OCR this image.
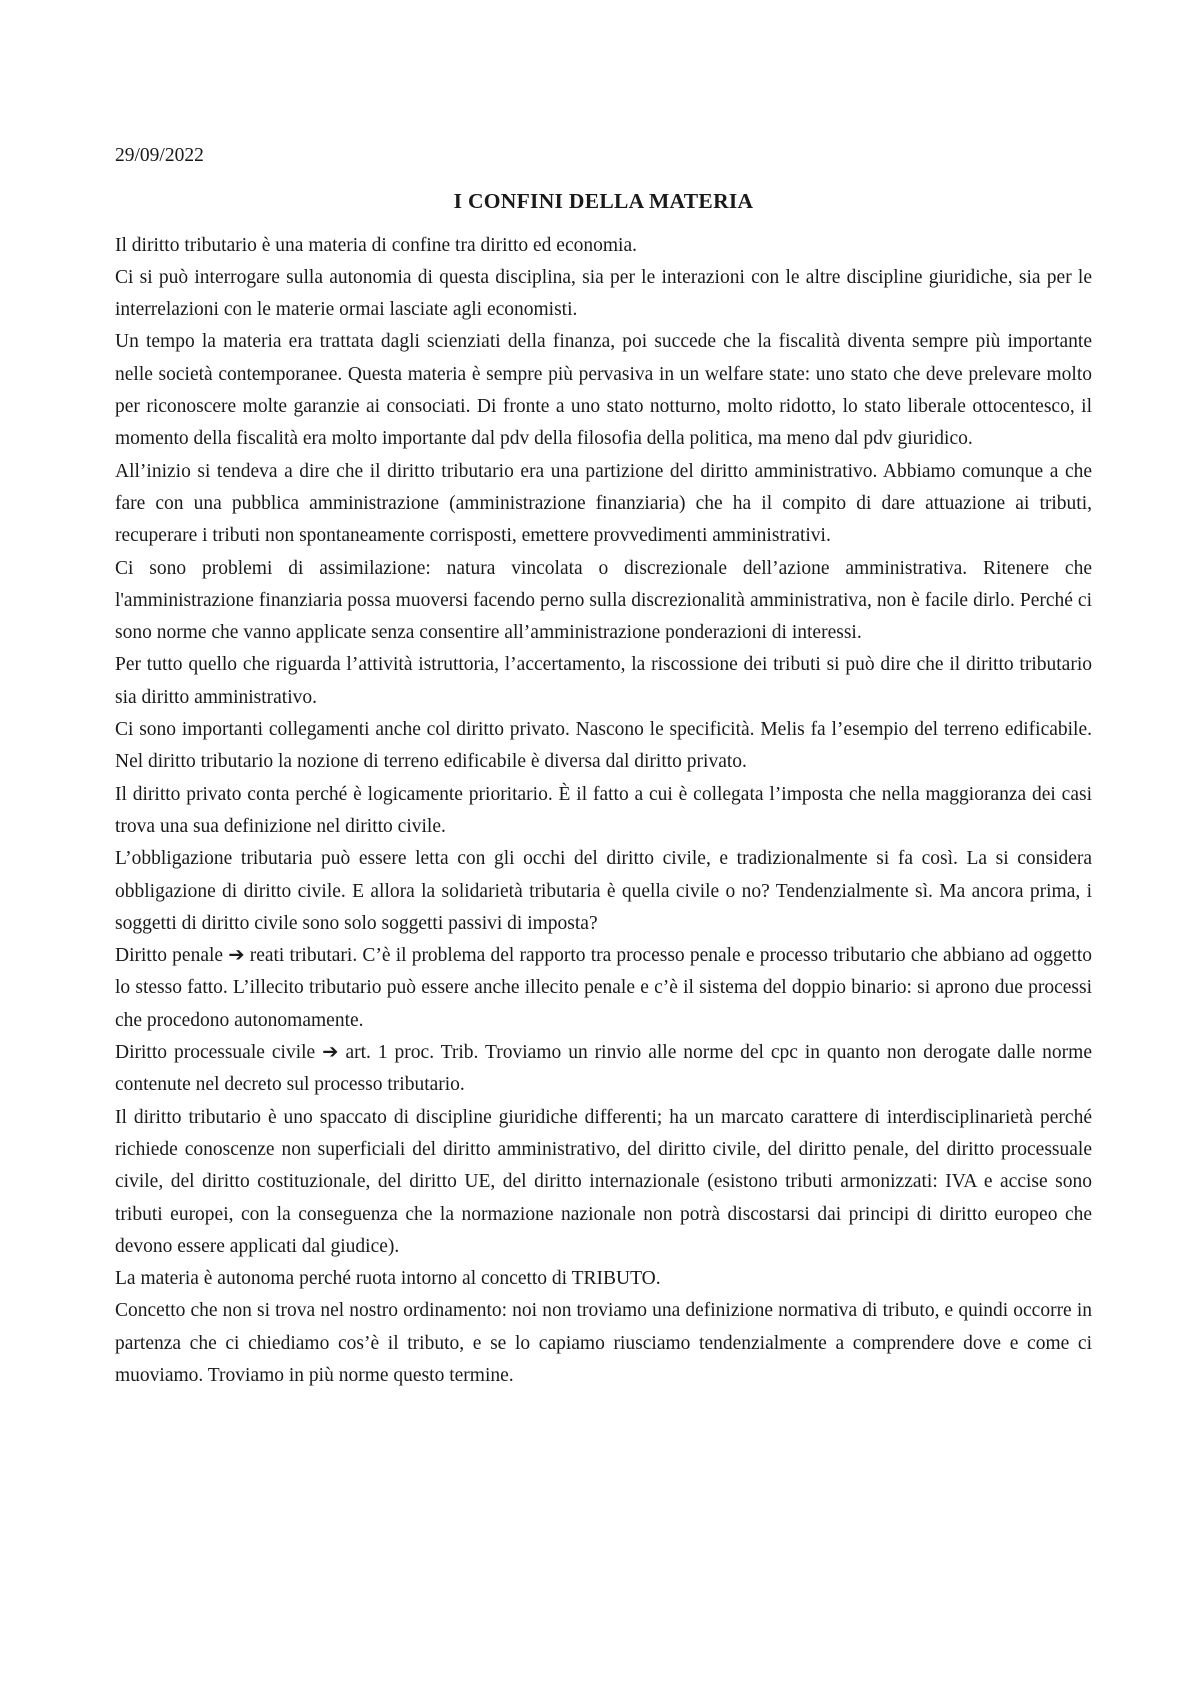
29/09/2022
I CONFINI DELLA MATERIA

Il diritto tributario è una materia di confine tra diritto ed economia.

Ci si può interrogare sulla autonomia di questa disciplina, sia per le interazioni con le altre discipline giuridiche, sia per le interrelazioni con le materie ormai lasciate agli economisti.

Un tempo la materia era trattata dagli scienziati della finanza, poi succede che la fiscalità diventa sempre più importante nelle società contemporanee. Questa materia è sempre più pervasiva in un welfare state: uno stato che deve prelevare molto per riconoscere molte garanzie ai consociati. Di fronte a uno stato notturno, molto ridotto, lo stato liberale ottocentesco, il momento della fiscalità era molto importante dal pdv della filosofia della politica, ma meno dal pdv giuridico.

All’inizio si tendeva a dire che il diritto tributario era una partizione del diritto amministrativo. Abbiamo comunque a che fare con una pubblica amministrazione (amministrazione finanziaria) che ha il compito di dare attuazione ai tributi, recuperare i tributi non spontaneamente corrisposti, emettere provvedimenti amministrativi.

Ci sono problemi di assimilazione: natura vincolata o discrezionale dell’azione amministrativa. Ritenere che l'amministrazione finanziaria possa muoversi facendo perno sulla discrezionalità amministrativa, non è facile dirlo. Perché ci sono norme che vanno applicate senza consentire all’amministrazione ponderazioni di interessi.

Per tutto quello che riguarda l’attività istruttoria, l’accertamento, la riscossione dei tributi si può dire che il diritto tributario sia diritto amministrativo.

Ci sono importanti collegamenti anche col diritto privato. Nascono le specificità. Melis fa l’esempio del terreno edificabile. Nel diritto tributario la nozione di terreno edificabile è diversa dal diritto privato.

Il diritto privato conta perché è logicamente prioritario. È il fatto a cui è collegata l’imposta che nella maggioranza dei casi trova una sua definizione nel diritto civile.

L’obbligazione tributaria può essere letta con gli occhi del diritto civile, e tradizionalmente si fa così. La si considera obbligazione di diritto civile. E allora la solidarietà tributaria è quella civile o no? Tendenzialmente sì. Ma ancora prima, i soggetti di diritto civile sono solo soggetti passivi di imposta?

Diritto penale ➔ reati tributari. C’è il problema del rapporto tra processo penale e processo tributario che abbiano ad oggetto lo stesso fatto. L’illecito tributario può essere anche illecito penale e c’è il sistema del doppio binario: si aprono due processi che procedono autonomamente.

Diritto processuale civile ➔ art. 1 proc. Trib. Troviamo un rinvio alle norme del cpc in quanto non derogate dalle norme contenute nel decreto sul processo tributario.

Il diritto tributario è uno spaccato di discipline giuridiche differenti; ha un marcato carattere di interdisciplinarietà perché richiede conoscenze non superficiali del diritto amministrativo, del diritto civile, del diritto penale, del diritto processuale civile, del diritto costituzionale, del diritto UE, del diritto internazionale (esistono tributi armonizzati: IVA e accise sono tributi europei, con la conseguenza che la normazione nazionale non potrà discostarsi dai principi di diritto europeo che devono essere applicati dal giudice).

La materia è autonoma perché ruota intorno al concetto di TRIBUTO.

Concetto che non si trova nel nostro ordinamento: noi non troviamo una definizione normativa di tributo, e quindi occorre in partenza che ci chiediamo cos’è il tributo, e se lo capiamo riusciamo tendenzialmente a comprendere dove e come ci muoviamo. Troviamo in più norme questo termine.
